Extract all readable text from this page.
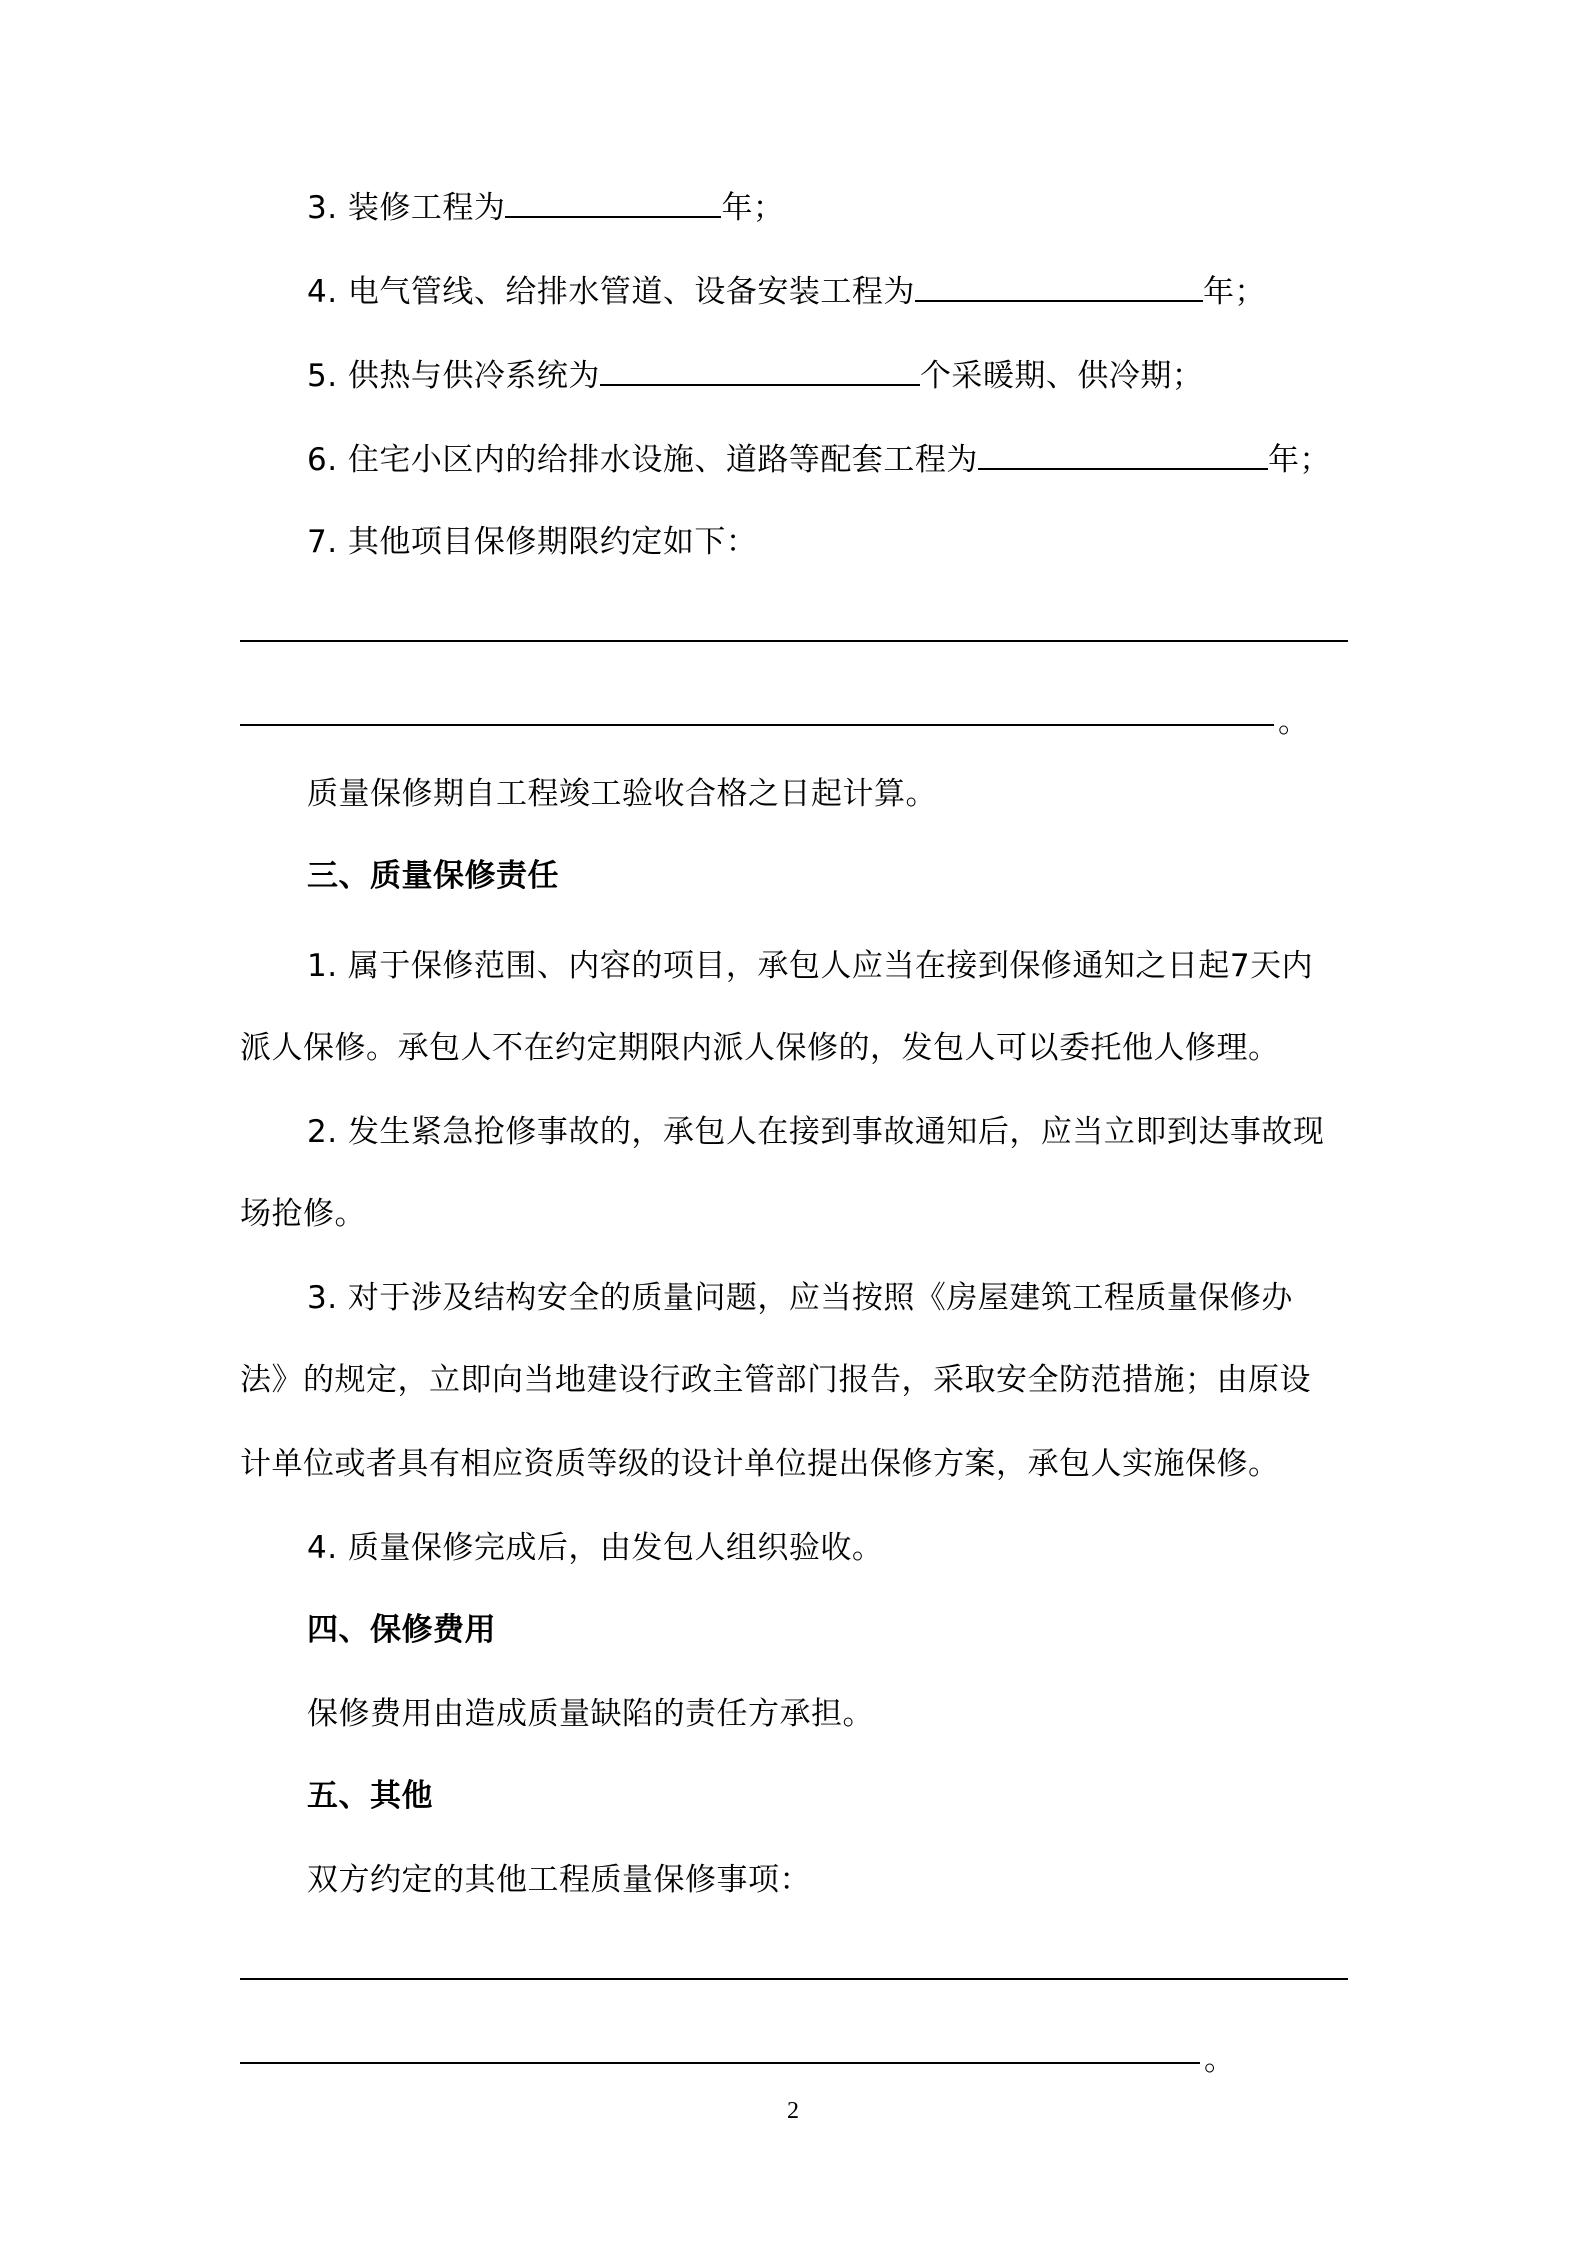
3. 装修工程为	年；
4. 电气管线、给排水管道、设备安装工程为	年；
5. 供热与供冷系统为	个采暖期、供冷期；
6. 住宅小区内的给排水设施、道路等配套工程为	年；
7. 其他项目保修期限约定如下：
。
质量保修期自工程竣工验收合格之日起计算。
三、质量保修责任
1. 属于保修范围、内容的项目，承包人应当在接到保修通知之日起7天内
派人保修。承包人不在约定期限内派人保修的，发包人可以委托他人修理。
2. 发生紧急抢修事故的，承包人在接到事故通知后，应当立即到达事故现
场抢修。
3. 对于涉及结构安全的质量问题，应当按照《房屋建筑工程质量保修办
法》的规定，立即向当地建设行政主管部门报告，采取安全防范措施；由原设
计单位或者具有相应资质等级的设计单位提出保修方案，承包人实施保修。
4. 质量保修完成后，由发包人组织验收。
四、保修费用
保修费用由造成质量缺陷的责任方承担。
五、其他
双方约定的其他工程质量保修事项：
。
2
